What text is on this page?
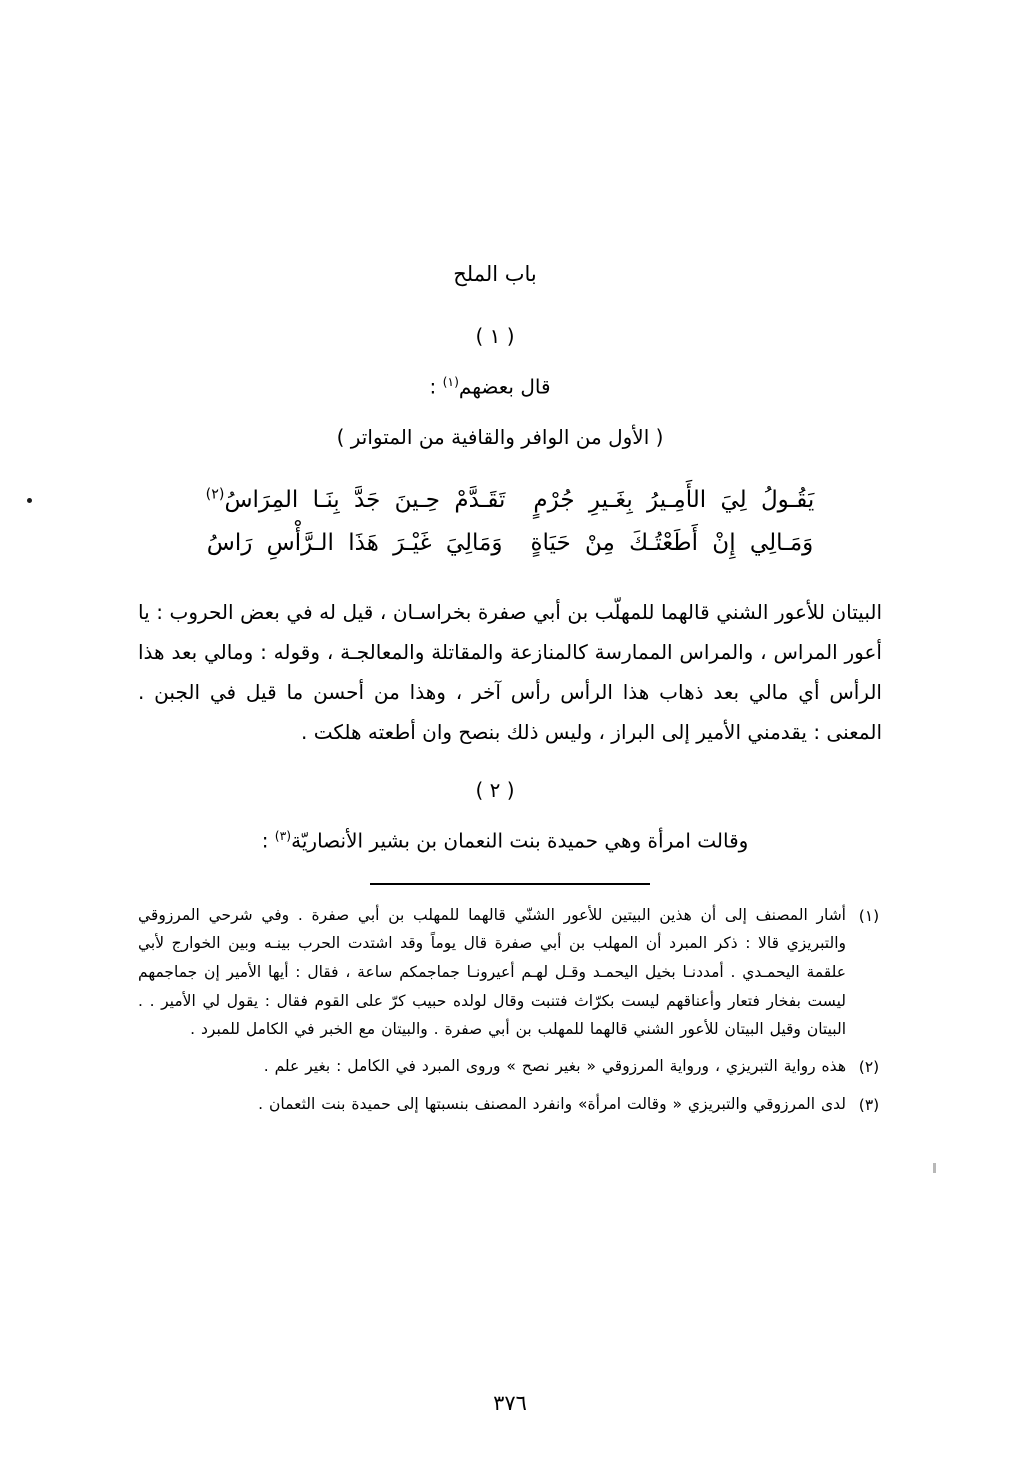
باب الملح
( ١ )
قال بعضهم$^{(١)}$ :
( الأول من الوافر والقافية من المتواتر )
يَقُـولُ لِيَ الأَمِـيرُ بِغَـيرِ جُرْمٍ
تَقَـدَّمْ حِـينَ جَدَّ بِنَـا المِرَاسُ$^{(٢)}$
وَمَـالِي إِنْ أَطَعْتُـكَ مِنْ حَيَاةٍ
وَمَالِيَ غَيْـرَ هَذَا الـرَّأْسِ رَاسُ
البيتان للأعور الشني قالهما للمهلّب بن أبي صفرة بخراسـان ، قيل له في بعض الحروب : يا أعور المراس ، والمراس الممارسة كالمنازعة والمقاتلة والمعالجـة ، وقوله : ومالي بعد هذا الرأس أي مالي بعد ذهاب هذا الرأس رأس آخر ، وهذا من أحسن ما قيل في الجبن . المعنى : يقدمني الأمير إلى البراز ، وليس ذلك بنصح وان أطعته هلكت .
( ٢ )
وقالت امرأة وهي حميدة بنت النعمان بن بشير الأنصاريّة$^{(٣)}$ :
(١)
أشار المصنف إلى أن هذين البيتين للأعور الشنّي قالهما للمهلب بن أبي صفرة . وفي شرحي المرزوقي والتبريزي قالا : ذكر المبرد أن المهلب بن أبي صفرة قال يوماً وقد اشتدت الحرب بينـه وبين الخوارج لأبي علقمة اليحمـدي . أمددنـا بخيل اليحمـد وقـل لهـم أعيرونـا جماجمكم ساعة ، فقال : أيها الأمير إن جماجمهم ليست بفخار فتعار وأعناقهم ليست بكرّاث فتنبت وقال لولده حبيب كرّ على القوم فقال : يقول لي الأمير . . البيتان وقيل البيتان للأعور الشني قالهما للمهلب بن أبي صفرة . والبيتان مع الخبر في الكامل للمبرد .
(٢)
هذه رواية التبريزي ، ورواية المرزوقي « بغير نصح » وروى المبرد في الكامل : بغير علم .
(٣)
لدى المرزوقي والتبريزي « وقالت امرأة» وانفرد المصنف بنسبتها إلى حميدة بنت الثعمان .
٣٧٦
